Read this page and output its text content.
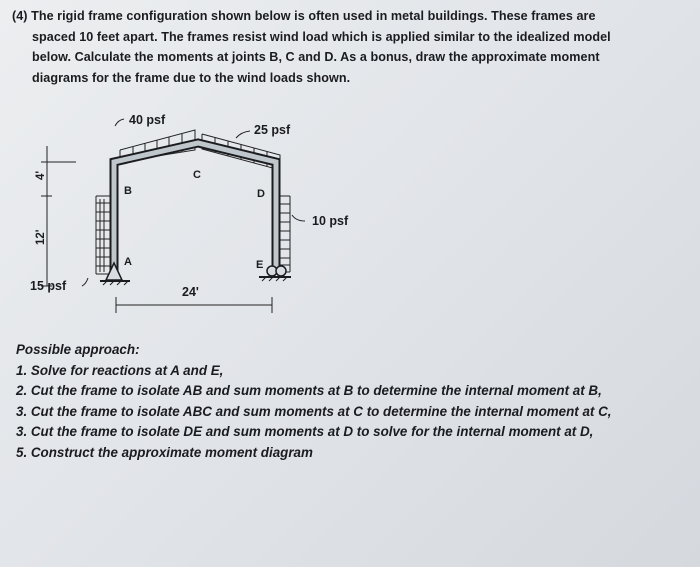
(4) The rigid frame configuration shown below is often used in metal buildings. These frames are
spaced 10 feet apart. The frames resist wind load which is applied similar to the idealized model
below. Calculate the moments at joints B, C and D. As a bonus, draw the approximate moment
diagrams for the frame due to the wind loads shown.
40 psf
25 psf
10 psf
15 psf	24'
4'
12'
B
C
D
A	E
Possible approach:
1. Solve for reactions at A and E,
2. Cut the frame to isolate AB and sum moments at B to determine the internal moment at B,
3. Cut the frame to isolate ABC and sum moments at C to determine the internal moment at C,
3. Cut the frame to isolate DE and sum moments at D to solve for the internal moment at D,
5. Construct the approximate moment diagram
